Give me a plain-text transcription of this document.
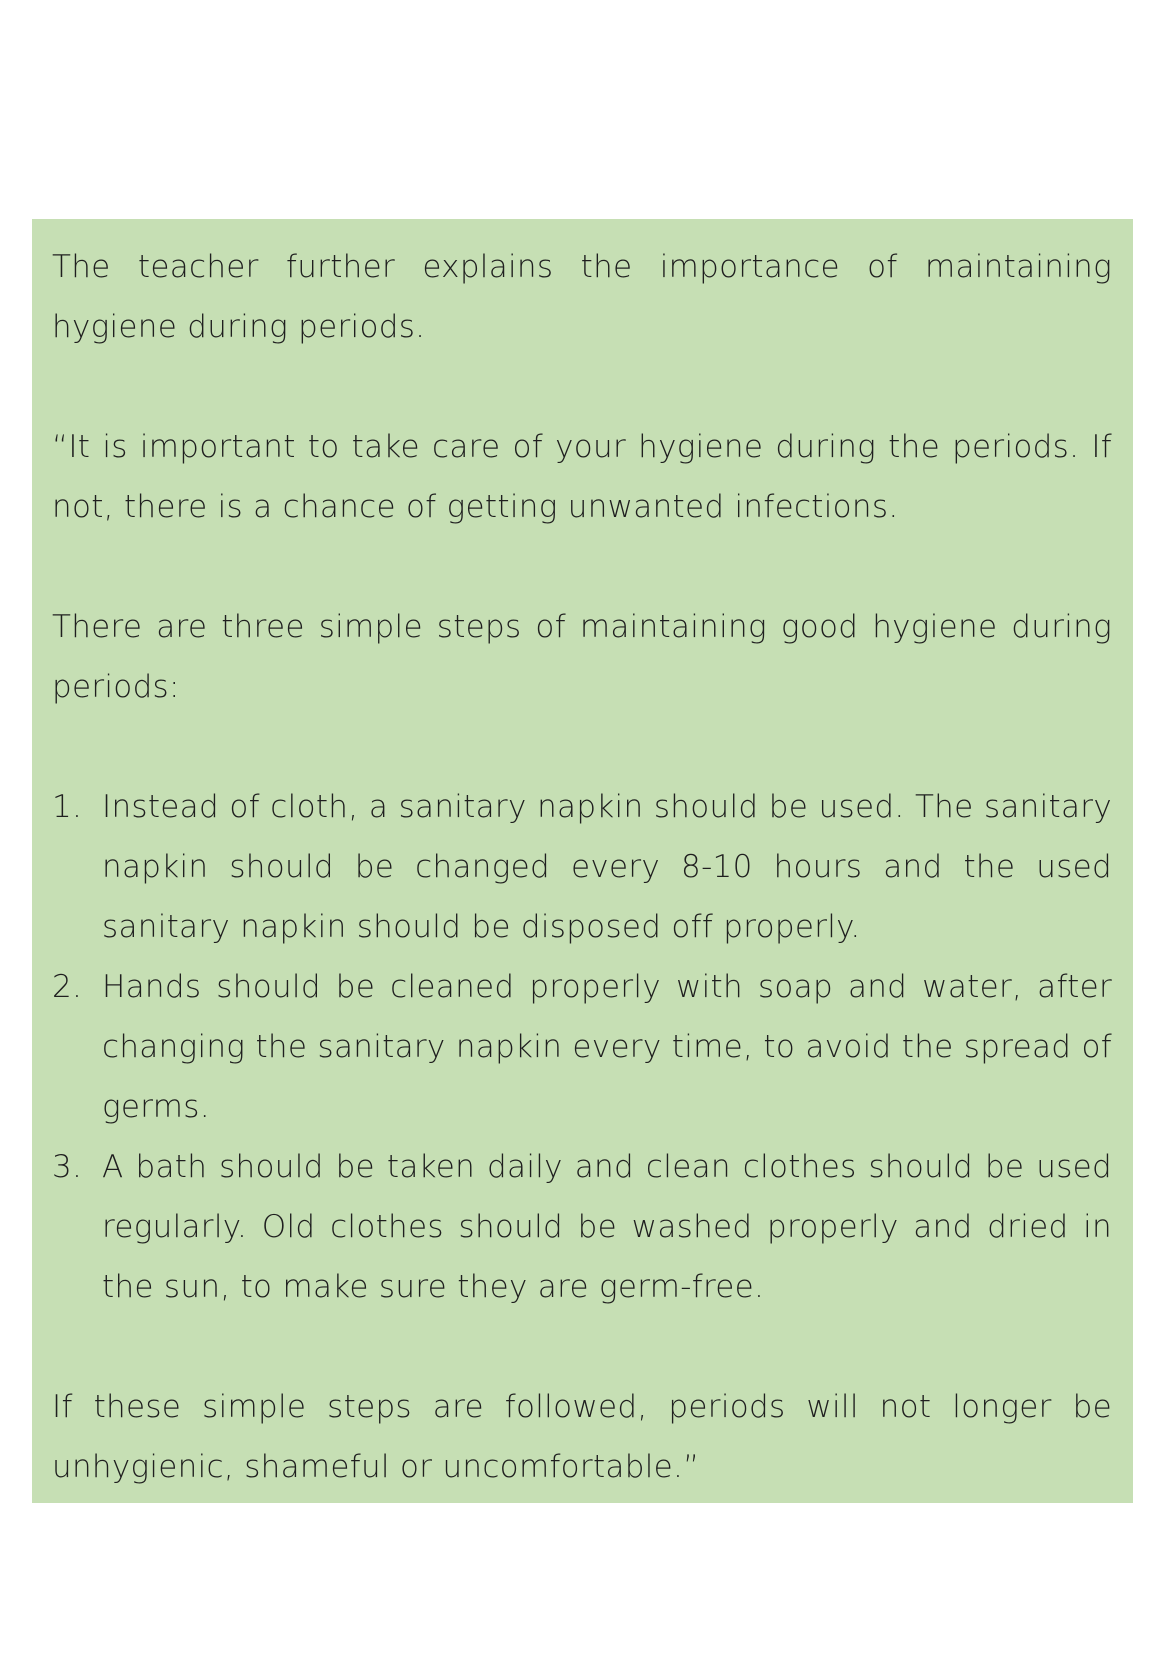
The teacher further explains the importance of maintaining hygiene during periods.

“It is important to take care of your hygiene during the periods. If not, there is a chance of getting unwanted infections.

There are three simple steps of maintaining good hygiene during periods:

1. Instead of cloth, a sanitary napkin should be used. The sanitary napkin should be changed every 8-10 hours and the used sanitary napkin should be disposed off properly.
2. Hands should be cleaned properly with soap and water, after changing the sanitary napkin every time, to avoid the spread of germs.
3. A bath should be taken daily and clean clothes should be used regularly. Old clothes should be washed properly and dried in the sun, to make sure they are germ-free.

If these simple steps are followed, periods will not longer be unhygienic, shameful or uncomfortable.”
